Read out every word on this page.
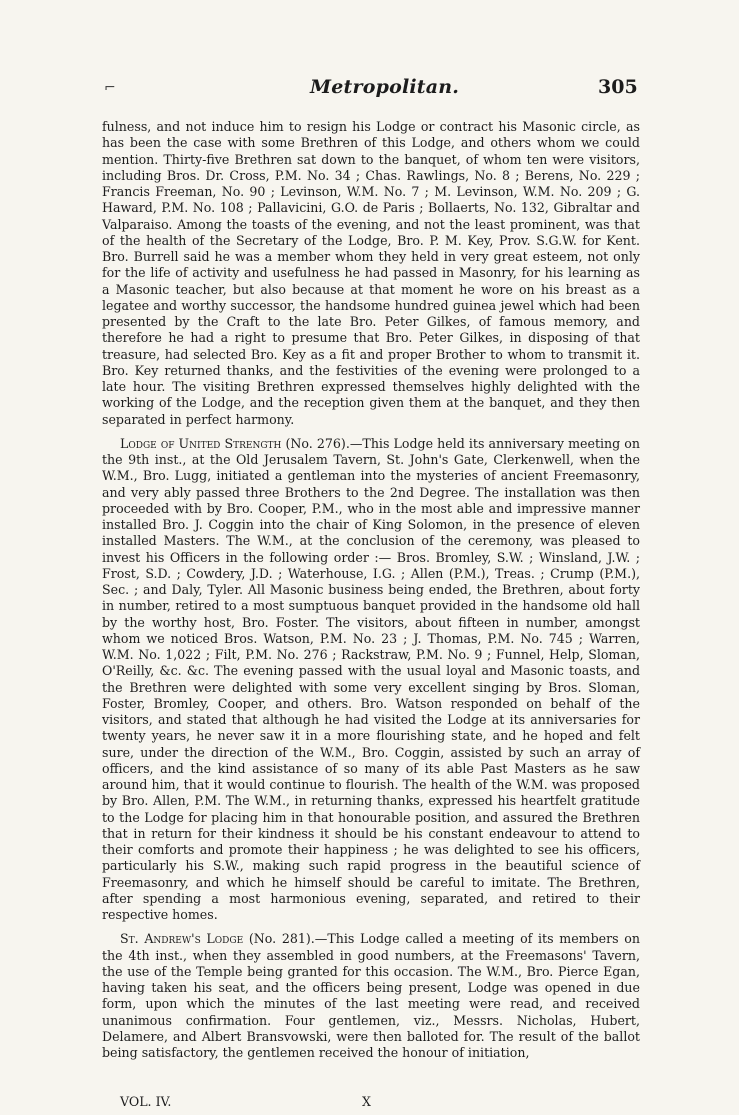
⌐	Metropolitan.	305

fulness, and not induce him to resign his Lodge or contract his Masonic circle, as has been the case with some Brethren of this Lodge, and others whom we could mention. Thirty-five Brethren sat down to the banquet, of whom ten were visitors, including Bros. Dr. Cross, P.M. No. 34 ; Chas. Rawlings, No. 8 ; Berens, No. 229 ; Francis Freeman, No. 90 ; Levinson, W.M. No. 7 ; M. Levinson, W.M. No. 209 ; G. Haward, P.M. No. 108 ; Pallavicini, G.O. de Paris ; Bollaerts, No. 132, Gibraltar and Valparaiso. Among the toasts of the evening, and not the least prominent, was that of the health of the Secretary of the Lodge, Bro. P. M. Key, Prov. S.G.W. for Kent. Bro. Burrell said he was a member whom they held in very great esteem, not only for the life of activity and usefulness he had passed in Masonry, for his learning as a Masonic teacher, but also because at that moment he wore on his breast as a legatee and worthy successor, the handsome hundred guinea jewel which had been presented by the Craft to the late Bro. Peter Gilkes, of famous memory, and therefore he had a right to presume that Bro. Peter Gilkes, in disposing of that treasure, had selected Bro. Key as a fit and proper Brother to whom to transmit it. Bro. Key returned thanks, and the festivities of the evening were prolonged to a late hour. The visiting Brethren expressed themselves highly delighted with the working of the Lodge, and the reception given them at the banquet, and they then separated in perfect harmony.

Lodge of United Strength (No. 276).—This Lodge held its anniversary meeting on the 9th inst., at the Old Jerusalem Tavern, St. John's Gate, Clerkenwell, when the W.M., Bro. Lugg, initiated a gentleman into the mysteries of ancient Freemasonry, and very ably passed three Brothers to the 2nd Degree. The installation was then proceeded with by Bro. Cooper, P.M., who in the most able and impressive manner installed Bro. J. Coggin into the chair of King Solomon, in the presence of eleven installed Masters. The W.M., at the conclusion of the ceremony, was pleased to invest his Officers in the following order :— Bros. Bromley, S.W. ; Winsland, J.W. ; Frost, S.D. ; Cowdery, J.D. ; Waterhouse, I.G. ; Allen (P.M.), Treas. ; Crump (P.M.), Sec. ; and Daly, Tyler. All Masonic business being ended, the Brethren, about forty in number, retired to a most sumptuous banquet provided in the handsome old hall by the worthy host, Bro. Foster. The visitors, about fifteen in number, amongst whom we noticed Bros. Watson, P.M. No. 23 ; J. Thomas, P.M. No. 745 ; Warren, W.M. No. 1,022 ; Filt, P.M. No. 276 ; Rackstraw, P.M. No. 9 ; Funnel, Help, Sloman, O'Reilly, &c. &c. The evening passed with the usual loyal and Masonic toasts, and the Brethren were delighted with some very excellent singing by Bros. Sloman, Foster, Bromley, Cooper, and others. Bro. Watson responded on behalf of the visitors, and stated that although he had visited the Lodge at its anniversaries for twenty years, he never saw it in a more flourishing state, and he hoped and felt sure, under the direction of the W.M., Bro. Coggin, assisted by such an array of officers, and the kind assistance of so many of its able Past Masters as he saw around him, that it would continue to flourish. The health of the W.M. was proposed by Bro. Allen, P.M. The W.M., in returning thanks, expressed his heartfelt gratitude to the Lodge for placing him in that honourable position, and assured the Brethren that in return for their kindness it should be his constant endeavour to attend to their comforts and promote their happiness ; he was delighted to see his officers, particularly his S.W., making such rapid progress in the beautiful science of Freemasonry, and which he himself should be careful to imitate. The Brethren, after spending a most harmonious evening, separated, and retired to their respective homes.

St. Andrew's Lodge (No. 281).—This Lodge called a meeting of its members on the 4th inst., when they assembled in good numbers, at the Freemasons' Tavern, the use of the Temple being granted for this occasion. The W.M., Bro. Pierce Egan, having taken his seat, and the officers being present, Lodge was opened in due form, upon which the minutes of the last meeting were read, and received unanimous confirmation. Four gentlemen, viz., Messrs. Nicholas, Hubert, Delamere, and Albert Bransvowski, were then balloted for. The result of the ballot being satisfactory, the gentlemen received the honour of initiation,

VOL. IV.	X
